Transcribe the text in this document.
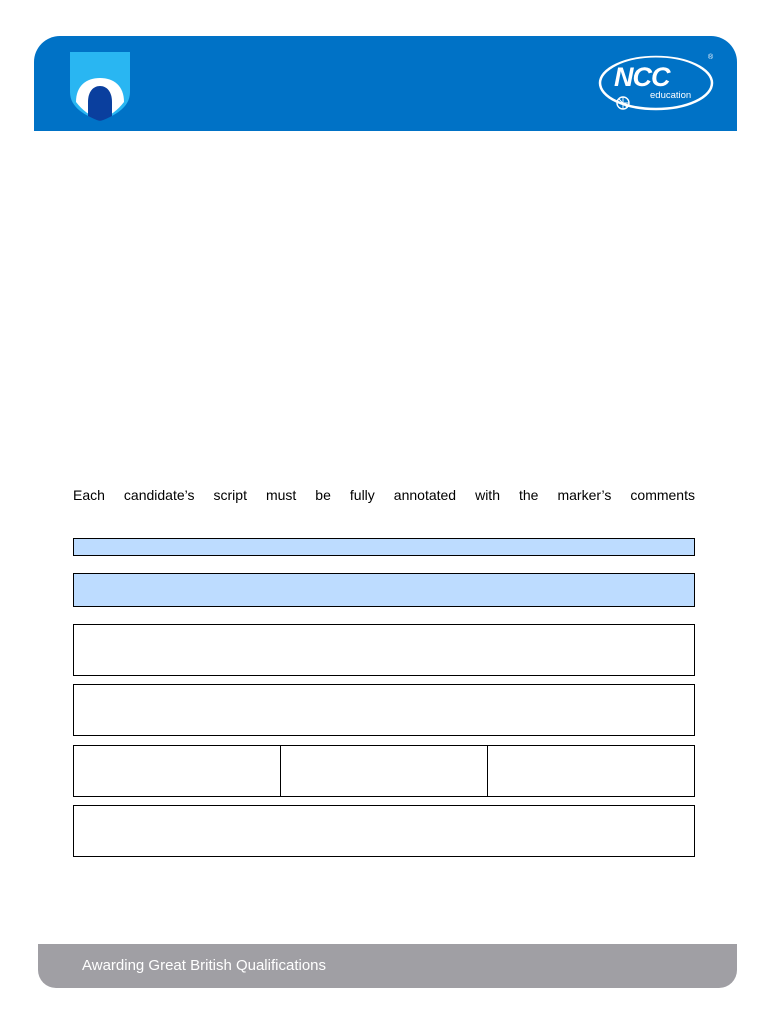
NCC
education
®
Each candidate’s script must be fully annotated with the marker’s comments
Awarding Great British Qualifications
